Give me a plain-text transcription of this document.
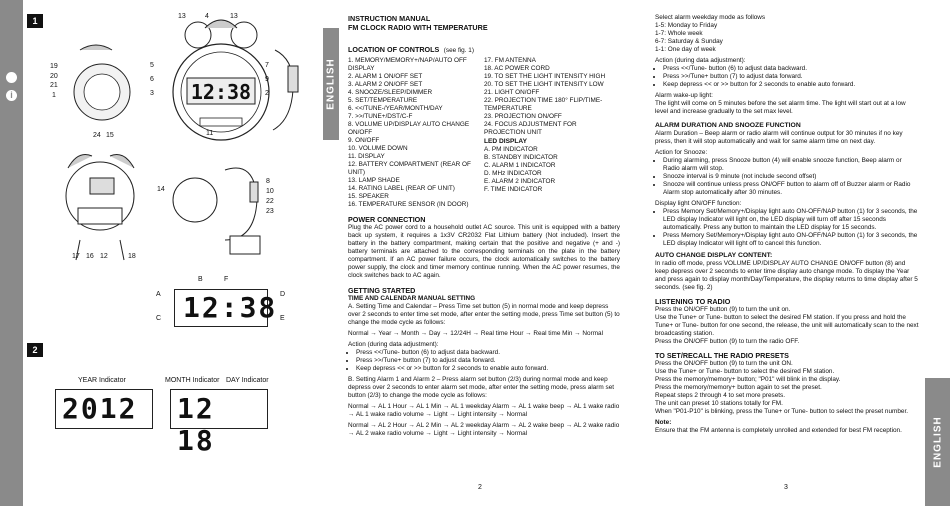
i
1
12:38
13	4	13
19
20
21
1
5
6
3
7
9
2
11
24 15
14
8
10
22
23
17 16 12	18
A
B	F
C
D
E
12:38
2
YEAR Indicator	MONTH Indicator DAY Indicator
2012 12 18
ENGLISH
INSTRUCTION MANUAL
FM CLOCK RADIO WITH TEMPERATURE
LOCATION OF CONTROLS (see fig. 1)
1. MEMORY/MEMORY+/NAP/AUTO OFF DISPLAY
2. ALARM 1 ON/OFF SET
3. ALARM 2 ON/OFF SET
4. SNOOZE/SLEEP/DIMMER
5. SET/TEMPERATURE
6. <</TUNE-/YEAR/MONTH/DAY
7. >>/TUNE+/DST/C-F
8. VOLUME UP/DISPLAY AUTO CHANGE ON/OFF
9. ON/OFF
10. VOLUME DOWN
11. DISPLAY
12. BATTERY COMPARTMENT (REAR OF UNIT)
13. LAMP SHADE
14. RATING LABEL (REAR OF UNIT)
15. SPEAKER
16. TEMPERATURE SENSOR (IN DOOR)
17. FM ANTENNA
18. AC POWER CORD
19. TO SET THE LIGHT INTENSITY HIGH
20. TO SET THE LIGHT INTENSITY LOW
21. LIGHT ON/OFF
22. PROJECTION TIME 180° FLIP/TIME-TEMPERATURE
23. PROJECTION ON/OFF
24. FOCUS ADJUSTMENT FOR PROJECTION UNIT
LED DISPLAY
A. PM INDICATOR
B. STANDBY INDICATOR
C. ALARM 1 INDICATOR
D. MHz INDICATOR
E. ALARM 2 INDICATOR
F. TIME INDICATOR
POWER CONNECTION
Plug the AC power cord to a household outlet AC source. This unit is equipped with a battery back up system, it requires a 1x3V CR2032 Flat Lithium battery (Not included). Insert the battery in the battery compartment, making certain that the positive and negative (+ and -) battery terminals are attached to the corresponding terminals on the plate in the battery compartment. If an AC power failure occurs, the clock automatically switches to the battery power supply, the clock and timer memory continue running. When the AC power resumes, the clock switches back to AC again.
GETTING STARTED
TIME AND CALENDAR MANUAL SETTING
A. Setting Time and Calendar – Press Time set button (5) in normal mode and keep depress over 2 seconds to enter time set mode, after enter the setting mode, press Time set button (5) to change the mode cycle as follows:
Normal → Year → Month → Day → 12/24H → Real time Hour → Real time Min → Normal
Action (during data adjustment):
• Press <</Tune- button (6) to adjust data backward.
• Press >>/Tune+ button (7) to adjust data forward.
• Keep depress << or >> button for 2 seconds to enable auto forward.
B. Setting Alarm 1 and Alarm 2 – Press alarm set button (2/3) during normal mode and keep depress over 2 seconds to enter alarm set mode, after enter the setting mode, press alarm set button (2/3) to change the mode cycle as follows:
Normal → AL 1 Hour → AL 1 Min → AL 1 weekday Alarm → AL 1 wake beep → AL 1 wake radio → AL 1 wake radio volume → Light → Light intensity → Normal
Normal → AL 2 Hour → AL 2 Min → AL 2 weekday Alarm → AL 2 wake beep → AL 2 wake radio → AL 2 wake radio volume → Light → Light intensity → Normal
2
Select alarm weekday mode as follows
1-5: Monday to Friday
1-7: Whole week
6-7: Saturday & Sunday
1-1: One day of week
Action (during data adjustment):
• Press <</Tune- button (6) to adjust data backward.
• Press >>/Tune+ button (7) to adjust data forward.
• Keep depress << or >> button for 2 seconds to enable auto forward.
Alarm wake-up light:
The light will come on 5 minutes before the set alarm time. The light will start out at a low level and increase gradually to the set max level.
ALARM DURATION AND SNOOZE FUNCTION
Alarm Duration – Beep alarm or radio alarm will continue output for 30 minutes if no key press, then it will stop automatically and wait for same alarm time on next day.
Action for Snooze:
• During alarming, press Snooze button (4) will enable snooze function, Beep alarm or Radio alarm will stop.
• Snooze interval is 9 minute (not include second offset)
• Snooze will continue unless press ON/OFF button to alarm off of Buzzer alarm or Radio Alarm stop automatically after 30 minutes.
Display light ON/OFF function:
• Press Memory Set/Memory+/Display light auto ON-OFF/NAP button (1) for 3 seconds, the LED display Indicator will light on, the LED display will turn off after 15 seconds automatically. Press any button to maintain the LED display for 15 seconds.
• Press Memory Set/Memory+/Display light auto ON-OFF/NAP button (1) for 3 seconds, the LED display Indicator will light off to cancel this function.
AUTO CHANGE DISPLAY CONTENT:
In radio off mode, press VOLUME UP/DISPLAY AUTO CHANGE ON/OFF button (8) and keep depress over 2 seconds to enter time display auto change mode. To display the Year and press again to display month/Day/Temperature, the display returns to time display after 5 seconds. (see fig. 2)
LISTENING TO RADIO
Press the ON/OFF button (9) to turn the unit on.
Use the Tune+ or Tune- button to select the desired FM station. If you press and hold the Tune+ or Tune- button for one second, the release, the unit will automatically scan to the next broadcasting station.
Press the ON/OFF button (9) to turn the radio OFF.
TO SET/RECALL THE RADIO PRESETS
Press the ON/OFF button (9) to turn the unit ON.
Use the Tune+ or Tune- button to select the desired FM station.
Press the memory/memory+ button; "P01" will blink in the display.
Press the memory/memory+ button again to set the preset.
Repeat steps 2 through 4 to set more presets.
The unit can preset 10 stations totally for FM.
When "P01-P10" is blinking, press the Tune+ or Tune- button to select the preset number.
Note:
Ensure that the FM antenna is completely unrolled and extended for best FM reception.
3
ENGLISH
